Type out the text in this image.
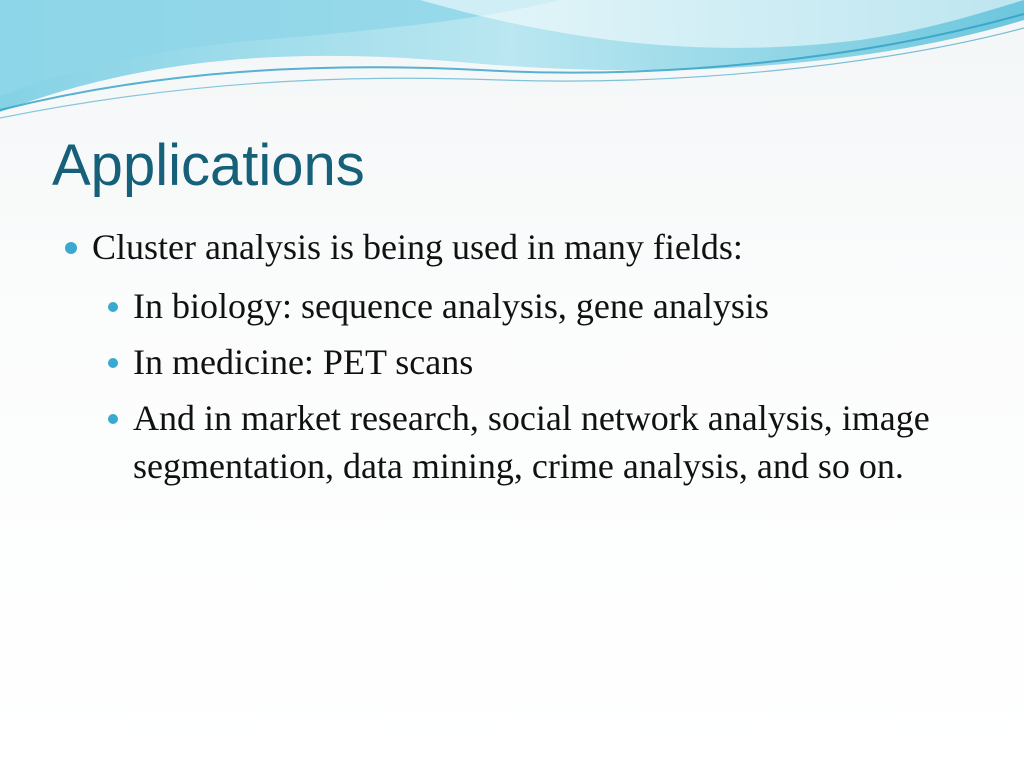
Applications
Cluster analysis is being used in many fields:
In biology: sequence analysis, gene analysis
In medicine: PET scans
And in market research, social network analysis, image segmentation, data mining, crime analysis, and so on.
